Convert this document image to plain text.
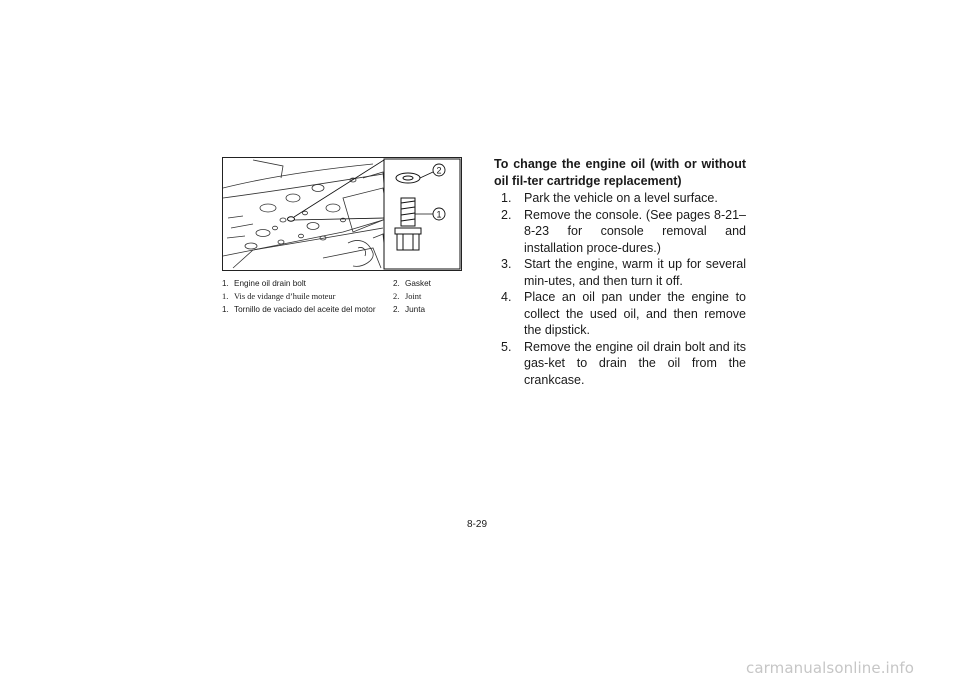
2
1
1. Engine oil drain bolt	2. Gasket
1. Vis de vidange d’huile moteur	2. Joint
1. Tornillo de vaciado del aceite del motor 2. Junta
To change the engine oil (with or without oil fil-ter cartridge replacement)
1. Park the vehicle on a level surface.
2. Remove the console. (See pages 8-21–8-23 for console removal and installation proce-dures.)
3. Start the engine, warm it up for several min-utes, and then turn it off.
4. Place an oil pan under the engine to collect the used oil, and then remove the dipstick.
5. Remove the engine oil drain bolt and its gas-ket to drain the oil from the crankcase.
8-29
carmanualsonline.info
